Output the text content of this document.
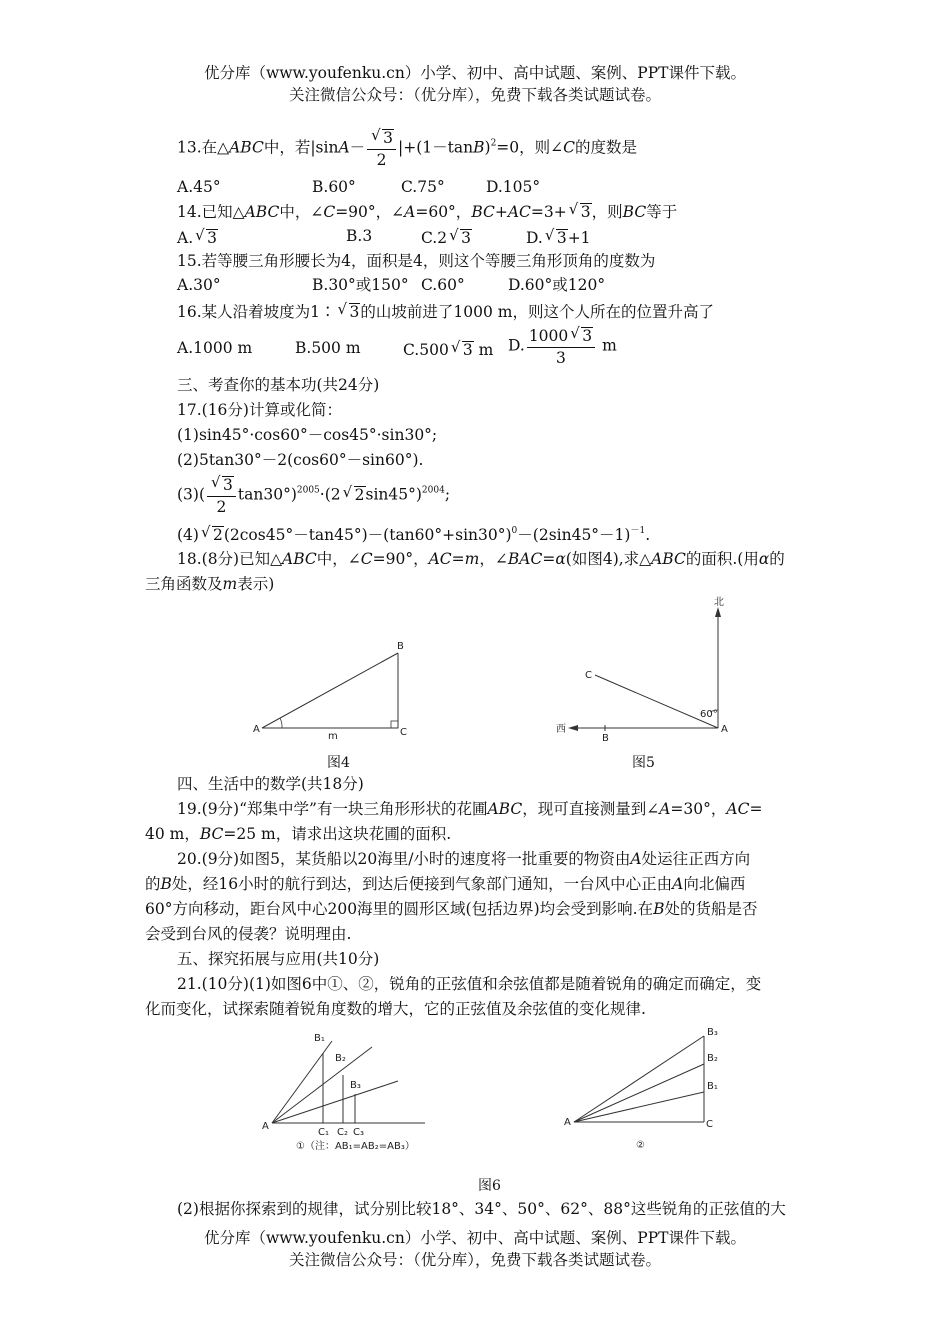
优分库（www.youfenku.cn）小学、初中、高中试题、案例、PPT课件下载。
关注微信公众号：（优分库），免费下载各类试题试卷。
13.在△ABC中，若|sinA－
√ $\frac{3}{2} |+(1-\tan B)^2=0$，则∠C的度数是
A.45°	B.60°	C.75°	D.105°
14.已知△ABC中，∠C=90°，∠A=60°，BC+AC=3+√ 3，则BC等于
A.√ 3	B.3	C.2√ 3	D.√ 3+1
15.若等腰三角形腰长为4，面积是4，则这个等腰三角形顶角的度数为
A.30°	B.30°或150° C.60°	D.60°或120°
16.某人沿着坡度为1∶√ 3的山坡前进了1000 m，则这个人所在的位置升高了
A.1000 m	B.500 m	C.500√ 3 m D. $\frac{1000√ 3}{3}$ m
三、考查你的基本功(共24分)
17.(16分)计算或化简：
(1)sin45°·cos60°－cos45°·sin30°;
(2)5tan30°－2(cos60°－sin60°).
(3)(
√ $\frac{3}{2} \tan 30^\circ)^{2005}\cdot(2√$ 2sin45°)$^{2004}$;
(4)√ $2(2\cos 45^\circ-\tan 45^\circ)-(\tan 60^\circ+\sin 30^\circ)^0-(2\sin 45^\circ-1)^{-1}$.
18.(8分)已知△ABC中，∠C=90°，AC=m，∠BAC=α(如图4),求△ABC的面积.(用α的
三角函数及m表示)
A
B
C
m
图4
北
西	A
B
C
60°
图5
四、生活中的数学(共18分)
19.(9分)“郑集中学”有一块三角形形状的花圃ABC，现可直接测量到∠A=30°，AC=
40 m，BC=25 m，请求出这块花圃的面积.
20.(9分)如图5，某货船以20海里/小时的速度将一批重要的物资由A处运往正西方向
的B处，经16小时的航行到达，到达后便接到气象部门通知，一台风中心正由A向北偏西
60°方向移动，距台风中心200海里的圆形区域(包括边界)均会受到影响.在B处的货船是否
会受到台风的侵袭？说明理由.
五、探究拓展与应用(共10分)
21.(10分)(1)如图6中①、②，锐角的正弦值和余弦值都是随着锐角的确定而确定，变
化而变化，试探索随着锐角度数的增大，它的正弦值及余弦值的变化规律.
A
B₁
B₂
B₃
C₁ C₂ C₃
①（注：AB₁=AB₂=AB₃）
A	C
B₃
B₂
B₁
②
图6
(2)根据你探索到的规律，试分别比较18°、34°、50°、62°、88°这些锐角的正弦值的大
优分库（www.youfenku.cn）小学、初中、高中试题、案例、PPT课件下载。
关注微信公众号：（优分库），免费下载各类试题试卷。
